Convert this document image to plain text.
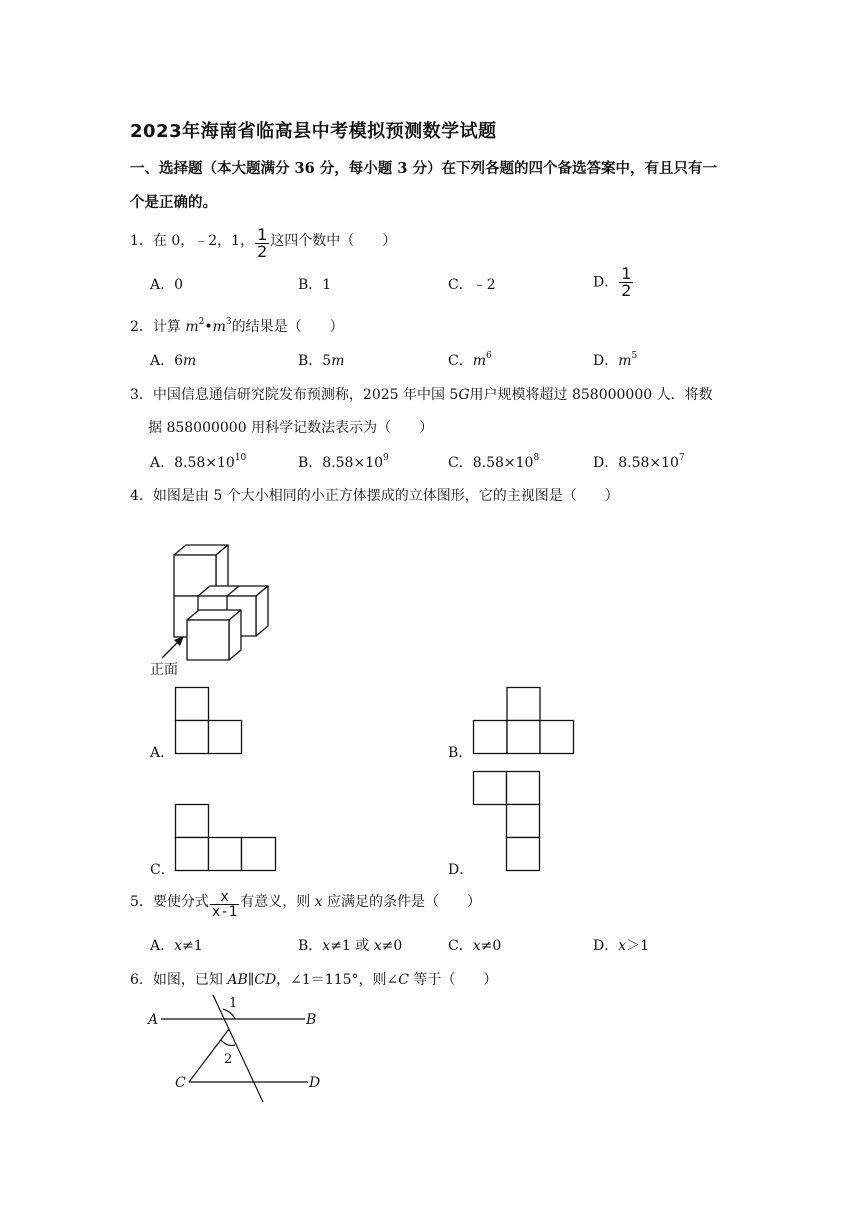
2023年海南省临高县中考模拟预测数学试题
一、选择题（本大题满分 36 分，每小题 3 分）在下列各题的四个备选答案中，有且只有一
个是正确的。
1．在 0，﹣2，1， $\frac{1}{2}$ 这四个数中（　　）
A．0	B．1	C．﹣2	D． $\frac{1}{2}$
2．计算 $m^2•m^3$的结果是（　　）
A．6m	B．5m	C．$m^6$	D．$m^5$
3．中国信息通信研究院发布预测称，2025 年中国 5G用户规模将超过 858000000 人．将数
据 858000000 用科学记数法表示为（　　）
A．$8.58\times 10^{10}$	B．$8.58\times 10^9$	C．$8.58\times 10^8$	D．$8.58\times 10^7$
4．如图是由 5 个大小相同的小正方体摆成的立体图形，它的主视图是（　　）
正面
A．	B．
C．	D．
5．要使分式 $\frac{x}{x-1}$ 有意义，则 x 应满足的条件是（　　）
A．x≠1	B．x≠1 或 x≠0	C．x≠0	D．x＞1
6．如图，已知 AB∥CD，∠1＝115°，则∠C 等于（　　）
A	B
C	D
1
2
